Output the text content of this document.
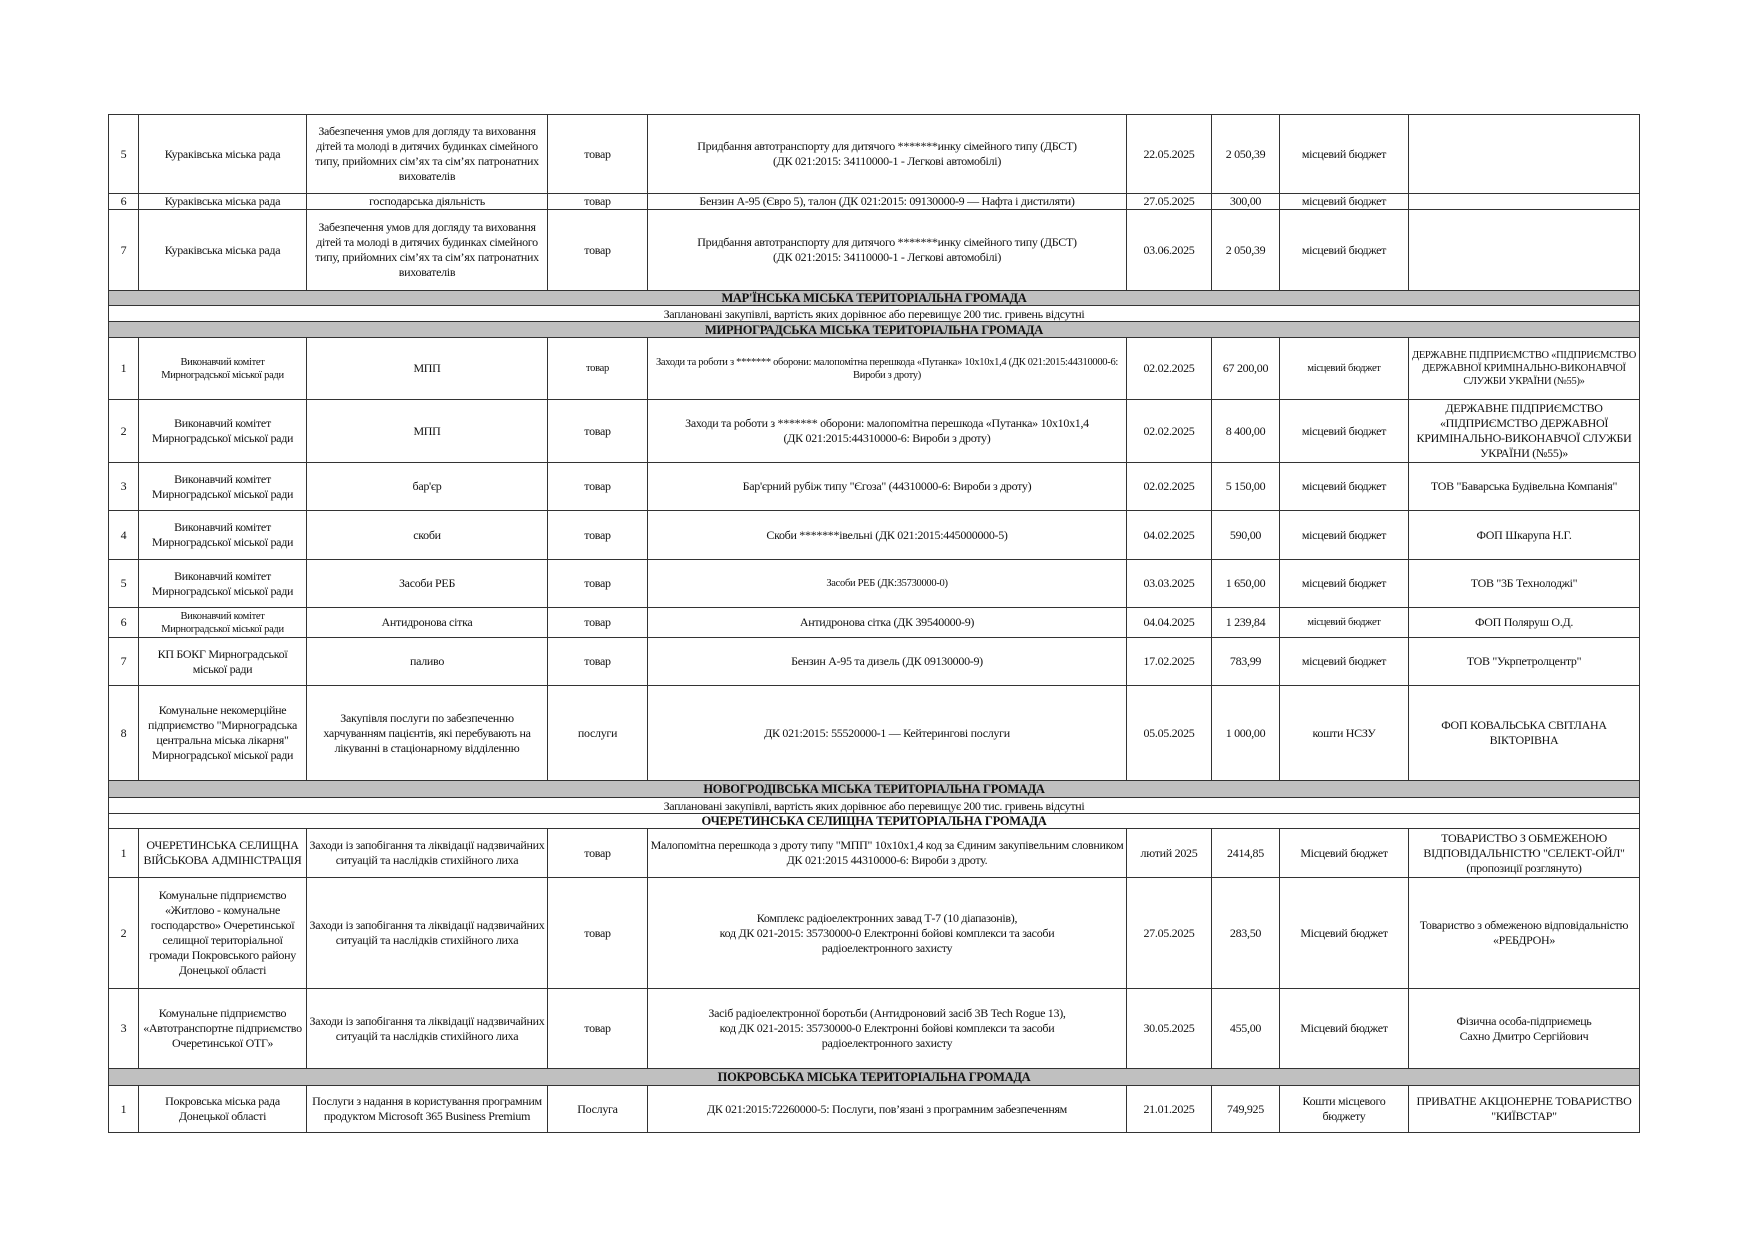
5	Кураківська міська рада	Забезпечення умов для догляду та виховання дітей та молоді в дитячих будинках сімейного типу, прийомних сім’ях та сім’ях патронатних вихователів	товар	Придбання автотранспорту для дитячого *******инку сімейного типу (ДБСТ)
(ДК 021:2015: 34110000-1 - Легкові автомобілі)	22.05.2025	2 050,39	місцевий бюджет	
6	Кураківська міська рада	господарська діяльність	товар	Бензин А-95 (Євро 5), талон (ДК 021:2015: 09130000-9 — Нафта і дистиляти)	27.05.2025	300,00	місцевий бюджет	
7	Кураківська міська рада	Забезпечення умов для догляду та виховання дітей та молоді в дитячих будинках сімейного типу, прийомних сім’ях та сім’ях патронатних вихователів	товар	Придбання автотранспорту для дитячого *******инку сімейного типу (ДБСТ)
(ДК 021:2015: 34110000-1 - Легкові автомобілі)	03.06.2025	2 050,39	місцевий бюджет	
МАР'ЇНСЬКА МІСЬКА ТЕРИТОРІАЛЬНА ГРОМАДА								
Заплановані закупівлі, вартість яких дорівнює або перевищує 200 тис. гривень відсутні								
МИРНОГРАДСЬКА МІСЬКА ТЕРИТОРІАЛЬНА ГРОМАДА								
1	Виконавчий комітет
Мирноградської міської ради	МПП	товар	Заходи та роботи з ******* оборони: малопомітна перешкода «Путанка» 10х10х1,4 (ДК 021:2015:44310000-6: Вироби з дроту)	02.02.2025	67 200,00	місцевий бюджет	ДЕРЖАВНЕ ПІДПРИЄМСТВО «ПІДПРИЄМСТВО ДЕРЖАВНОЇ КРИМІНАЛЬНО-ВИКОНАВЧОЇ СЛУЖБИ УКРАЇНИ (№55)»
2	Виконавчий комітет
Мирноградської міської ради	МПП	товар	Заходи та роботи з ******* оборони: малопомітна перешкода «Путанка» 10х10х1,4
(ДК 021:2015:44310000-6: Вироби з дроту)	02.02.2025	8 400,00	місцевий бюджет	ДЕРЖАВНЕ ПІДПРИЄМСТВО «ПІДПРИЄМСТВО ДЕРЖАВНОЇ КРИМІНАЛЬНО-ВИКОНАВЧОЇ СЛУЖБИ УКРАЇНИ (№55)»
3	Виконавчий комітет
Мирноградської міської ради	бар'єр	товар	Бар'єрний рубіж типу "Єгоза" (44310000-6: Вироби з дроту)	02.02.2025	5 150,00	місцевий бюджет	ТОВ "Баварська Будівельна Компанія"
4	Виконавчий комітет
Мирноградської міської ради	скоби	товар	Скоби *******івельні (ДК 021:2015:445000000-5)	04.02.2025	590,00	місцевий бюджет	ФОП Шкарупа Н.Г.
5	Виконавчий комітет
Мирноградської міської ради	Засоби РЕБ	товар	Засоби РЕБ (ДК:35730000-0)	03.03.2025	1 650,00	місцевий бюджет	ТОВ "3Б Технолоджі"
6	Виконавчий комітет
Мирноградської міської ради	Антидронова сітка	товар	Антидронова сітка (ДК 39540000-9)	04.04.2025	1 239,84	місцевий бюджет	ФОП Поляруш О.Д.
7	КП БОКГ Мирноградської міської ради	паливо	товар	Бензин А-95 та дизель (ДК 09130000-9)	17.02.2025	783,99	місцевий бюджет	ТОВ "Укрпетролцентр"
8	Комунальне некомерційне підприємство "Мирноградська центральна міська лікарня" Мирноградської міської ради	Закупівля послуги по забезпеченню харчуванням пацієнтів, які перебувають на лікуванні в стаціонарному відділенню	послуги	ДК 021:2015: 55520000-1 — Кейтерингові послуги	05.05.2025	1 000,00	кошти НСЗУ	ФОП КОВАЛЬСЬКА СВІТЛАНА ВІКТОРІВНА
НОВОГРОДІВСЬКА МІСЬКА ТЕРИТОРІАЛЬНА ГРОМАДА								
Заплановані закупівлі, вартість яких дорівнює або перевищує 200 тис. гривень відсутні								
ОЧЕРЕТИНСЬКА СЕЛИЩНА ТЕРИТОРІАЛЬНА ГРОМАДА								
1	ОЧЕРЕТИНСЬКА СЕЛИЩНА ВІЙСЬКОВА АДМІНІСТРАЦІЯ	Заходи із запобігання та ліквідації надзвичайних ситуацій та наслідків стихійного лиха	товар	Малопомітна перешкода з дроту типу "МПП" 10х10х1,4 код за Єдиним закупівельним словником ДК 021:2015 44310000-6: Вироби з дроту.	лютий 2025	2414,85	Місцевий бюджет	ТОВАРИСТВО З ОБМЕЖЕНОЮ ВІДПОВІДАЛЬНІСТЮ "СЕЛЕКТ-ОЙЛ" (пропозиції розглянуто)
2	Комунальне підприємство «Житлово - комунальне господарство» Очеретинської селищної територіальної громади Покровського району Донецької області	Заходи із запобігання та ліквідації надзвичайних ситуацій та наслідків стихійного лиха	товар	Комплекс радіоелектронних завад Т-7 (10 діапазонів),
код ДК 021-2015: 35730000-0 Електронні бойові комплекси та засоби
радіоелектронного захисту	27.05.2025	283,50	Місцевий бюджет	Товариство з обмеженою відповідальністю «РЕБДРОН»
3	Комунальне підприємство «Автотранспортне підприємство Очеретинської ОТГ»	Заходи із запобігання та ліквідації надзвичайних ситуацій та наслідків стихійного лиха	товар	Засіб радіоелектронної боротьби (Антидроновий засіб 3В Tech Rogue 13),
код ДК 021-2015: 35730000-0 Електронні бойові комплекси та засоби
радіоелектронного захисту	30.05.2025	455,00	Місцевий бюджет	Фізична особа-підприємець
Сахно Дмитро Сергійович
ПОКРОВСЬКА МІСЬКА ТЕРИТОРІАЛЬНА ГРОМАДА								
1	Покровська міська рада Донецької області	Послуги з надання в користування програмним продуктом Microsoft 365 Business Premium	Послуга	ДК 021:2015:72260000-5: Послуги, пов’язані з програмним забезпеченням	21.01.2025	749,925	Кошти місцевого бюджету	ПРИВАТНЕ АКЦІОНЕРНЕ ТОВАРИСТВО "КИЇВСТАР"
